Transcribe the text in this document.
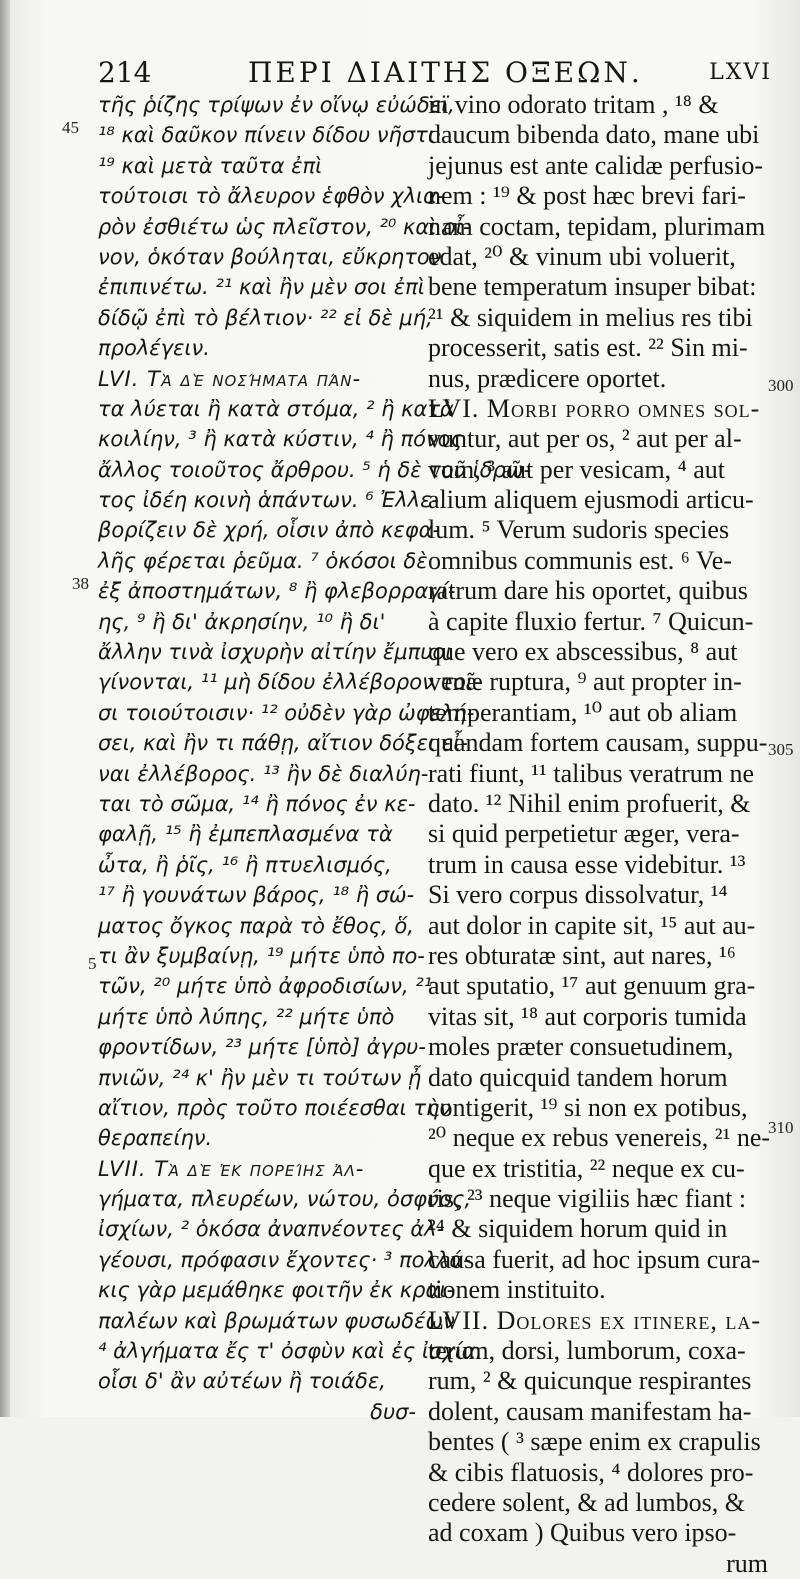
214	ΠΕΡΙ ΔΙΑΙΤΗΣ ΟΞΕΩΝ.	LXVI
45
38
5
300
305
310
τῆς ῥίζης τρίψων ἐν οἴνῳ εὐώδεϊ,
¹⁸ καὶ δαῦκον πίνειν δίδου νῆστι·
¹⁹ καὶ μετὰ ταῦτα ἐπὶ
τούτοισι τὸ ἄλευρον ἑφθὸν χλια-
ρὸν ἐσθιέτω ὡς πλεῖστον, ²⁰ καὶ οἶ-
νον, ὁκόταν βούληται, εὔκρητον
ἐπιπινέτω. ²¹ καὶ ἢν μὲν σοι ἐπὶ
δίδῷ ἐπὶ τὸ βέλτιον· ²² εἰ δὲ μή,
προλέγειν.
LVI. Τὰ δὲ νοσήματα πάν-
τα λύεται ἢ κατὰ στόμα, ² ἢ κατὰ
κοιλίην, ³ ἢ κατὰ κύστιν, ⁴ ἢ πόνος
ἄλλος τοιοῦτος ἄρθρου. ⁵ ἡ δὲ τοῦ ἱδρῶ-
τος ἰδέη κοινὴ ἁπάντων. ⁶ Ἐλλε-
βορίζειν δὲ χρή, οἷσιν ἀπὸ κεφα-
λῆς φέρεται ῥεῦμα. ⁷ ὁκόσοι δὲ
ἐξ ἀποστημάτων, ⁸ ἢ φλεβορραγί-
ης, ⁹ ἢ δι' ἀκρησίην, ¹⁰ ἢ δι'
ἄλλην τινὰ ἰσχυρὴν αἰτίην ἔμπυοι
γίνονται, ¹¹ μὴ δίδου ἐλλέβορον τοῖ-
σι τοιούτοισιν· ¹² οὐδὲν γὰρ ὠφελή-
σει, καὶ ἢν τι πάθῃ, αἴτιον δόξει εἶ-
ναι ἐλλέβορος. ¹³ ἢν δὲ διαλύη-
ται τὸ σῶμα, ¹⁴ ἢ πόνος ἐν κε-
φαλῇ, ¹⁵ ἢ ἐμπεπλασμένα τὰ
ὦτα, ἢ ῥῖς, ¹⁶ ἢ πτυελισμός,
¹⁷ ἢ γουνάτων βάρος, ¹⁸ ἢ σώ-
ματος ὄγκος παρὰ τὸ ἔθος, ὅ,
τι ἂν ξυμβαίνῃ, ¹⁹ μήτε ὑπὸ πο-
τῶν, ²⁰ μήτε ὑπὸ ἀφροδισίων, ²¹
μήτε ὑπὸ λύπης, ²² μήτε ὑπὸ
φροντίδων, ²³ μήτε [ὑπὸ] ἀγρυ-
πνιῶν, ²⁴ κ' ἢν μὲν τι τούτων ᾖ
αἴτιον, πρὸς τοῦτο ποιέεσθαι τὴν
θεραπείην.
LVII. Τὰ δὲ ἐκ πορείης ἀλ-
γήματα, πλευρέων, νώτου, ὀσφύος,
ἰσχίων, ² ὁκόσα ἀναπνέοντες ἀλ-
γέουσι, πρόφασιν ἔχοντες· ³ πολλά-
κις γὰρ μεμάθηκε φοιτῆν ἐκ κραι-
παλέων καὶ βρωμάτων φυσωδέων
⁴ ἀλγήματα ἔς τ' ὀσφὺν καὶ ἐς ἰσχία.
οἷσι δ' ἂν αὐτέων ἢ τοιάδε,
δυσ-
in vino odorato tritam , ¹⁸ &
daucum bibenda dato, mane ubi
jejunus est ante calidæ perfusio-
nem : ¹⁹ & post hæc brevi fari-
nam coctam, tepidam, plurimam
edat, ²⁰ & vinum ubi voluerit,
bene temperatum insuper bibat:
²¹ & siquidem in melius res tibi
processerit, satis est. ²² Sin mi-
nus, prædicere oportet.
LVI. Morbi porro omnes sol-
vuntur, aut per os, ² aut per al-
vum, ³ aut per vesicam, ⁴ aut
alium aliquem ejusmodi articu-
lum. ⁵ Verum sudoris species
omnibus communis est. ⁶ Ve-
ratrum dare his oportet, quibus
à capite fluxio fertur. ⁷ Quicun-
que vero ex abscessibus, ⁸ aut
venæ ruptura, ⁹ aut propter in-
temperantiam, ¹⁰ aut ob aliam
quandam fortem causam, suppu-
rati fiunt, ¹¹ talibus veratrum ne
dato. ¹² Nihil enim profuerit, &
si quid perpetietur æger, vera-
trum in causa esse videbitur. ¹³
Si vero corpus dissolvatur, ¹⁴
aut dolor in capite sit, ¹⁵ aut au-
res obturatæ sint, aut nares, ¹⁶
aut sputatio, ¹⁷ aut genuum gra-
vitas sit, ¹⁸ aut corporis tumida
moles præter consuetudinem,
dato quicquid tandem horum
contigerit, ¹⁹ si non ex potibus,
²⁰ neque ex rebus venereis, ²¹ ne-
que ex tristitia, ²² neque ex cu-
ris, ²³ neque vigiliis hæc fiant :
²⁴ & siquidem horum quid in
causa fuerit, ad hoc ipsum cura-
tionem instituito.
LVII. Dolores ex itinere, la-
terum, dorsi, lumborum, coxa-
rum, ² & quicunque respirantes
dolent, causam manifestam ha-
bentes ( ³ sæpe enim ex crapulis
& cibis flatuosis, ⁴ dolores pro-
cedere solent, & ad lumbos, &
ad coxam ) Quibus vero ipso-
rum
